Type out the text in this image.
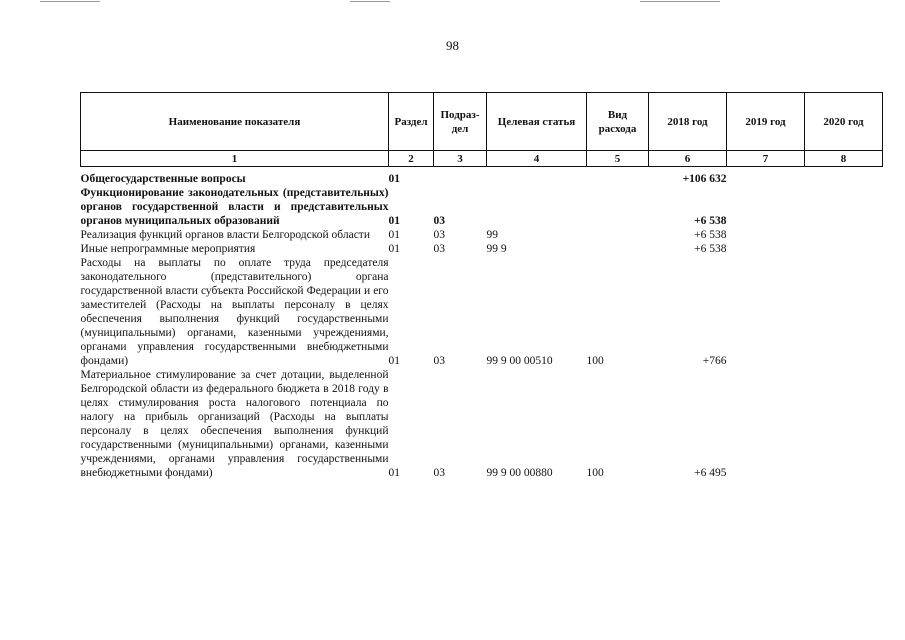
98
Наименование показателя	Раздел	Подраз-дел	Целевая статья	Вид расхода	2018 год	2019 год	2020 год
1	2	3	4	5	6	7	8
Общегосударственные вопросы	01				+106 632		
Функционирование законодательных (представительных) органов государственной власти и представительных органов муниципальных образований	01	03			+6 538		
Реализация функций органов власти Белгородской области	01	03	99		+6 538		
Иные непрограммные мероприятия	01	03	99 9		+6 538		
Расходы на выплаты по оплате труда председателя законодательного (представительного) органа государственной власти субъекта Российской Федерации и его заместителей (Расходы на выплаты персоналу в целях обеспечения выполнения функций государственными (муниципальными) органами, казенными учреждениями, органами управления государственными внебюджетными фондами)	01	03	99 9 00 00510	100	+766		
Материальное стимулирование за счет дотации, выделенной Белгородской области из федерального бюджета в 2018 году в целях стимулирования роста налогового потенциала по налогу на прибыль организаций (Расходы на выплаты персоналу в целях обеспечения выполнения функций государственными (муниципальными) органами, казенными учреждениями, органами управления государственными внебюджетными фондами)	01	03	99 9 00 00880	100	+6 495		
